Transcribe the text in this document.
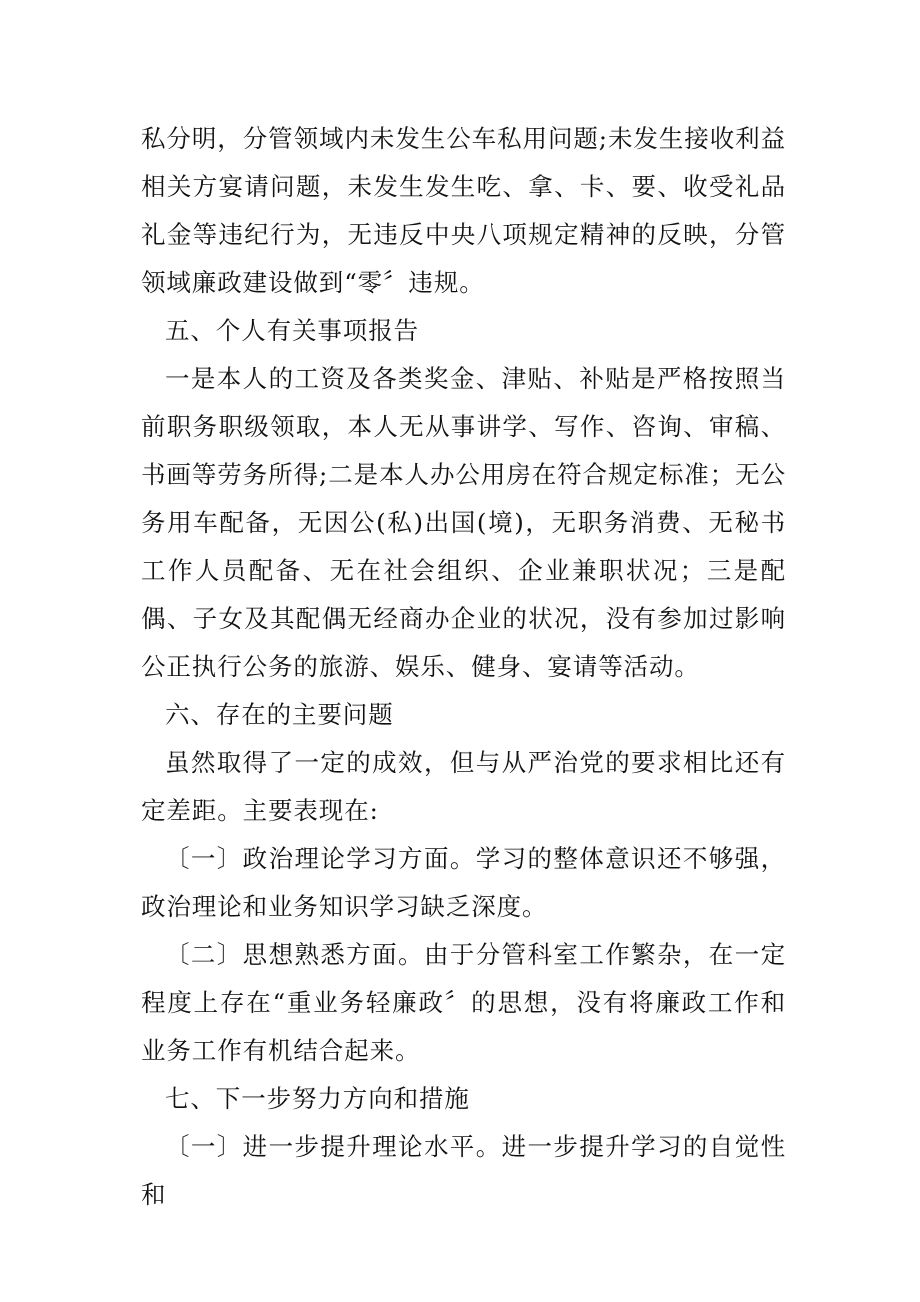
私分明，分管领域内未发生公车私用问题;未发生接收利益相关方宴请问题，未发生发生吃、拿、卡、要、收受礼品礼金等违纪行为，无违反中央八项规定精神的反映，分管领域廉政建设做到“零〞违规。

五、个人有关事项报告

一是本人的工资及各类奖金、津贴、补贴是严格按照当前职务职级领取，本人无从事讲学、写作、咨询、审稿、书画等劳务所得;二是本人办公用房在符合规定标准；无公务用车配备，无因公(私)出国(境)，无职务消费、无秘书工作人员配备、无在社会组织、企业兼职状况；三是配偶、子女及其配偶无经商办企业的状况，没有参加过影响公正执行公务的旅游、娱乐、健身、宴请等活动。

六、存在的主要问题

虽然取得了一定的成效，但与从严治党的要求相比还有定差距。主要表现在:

〔一〕政治理论学习方面。学习的整体意识还不够强，政治理论和业务知识学习缺乏深度。

〔二〕思想熟悉方面。由于分管科室工作繁杂，在一定程度上存在“重业务轻廉政〞的思想，没有将廉政工作和业务工作有机结合起来。

七、下一步努力方向和措施

〔一〕进一步提升理论水平。进一步提升学习的自觉性和
